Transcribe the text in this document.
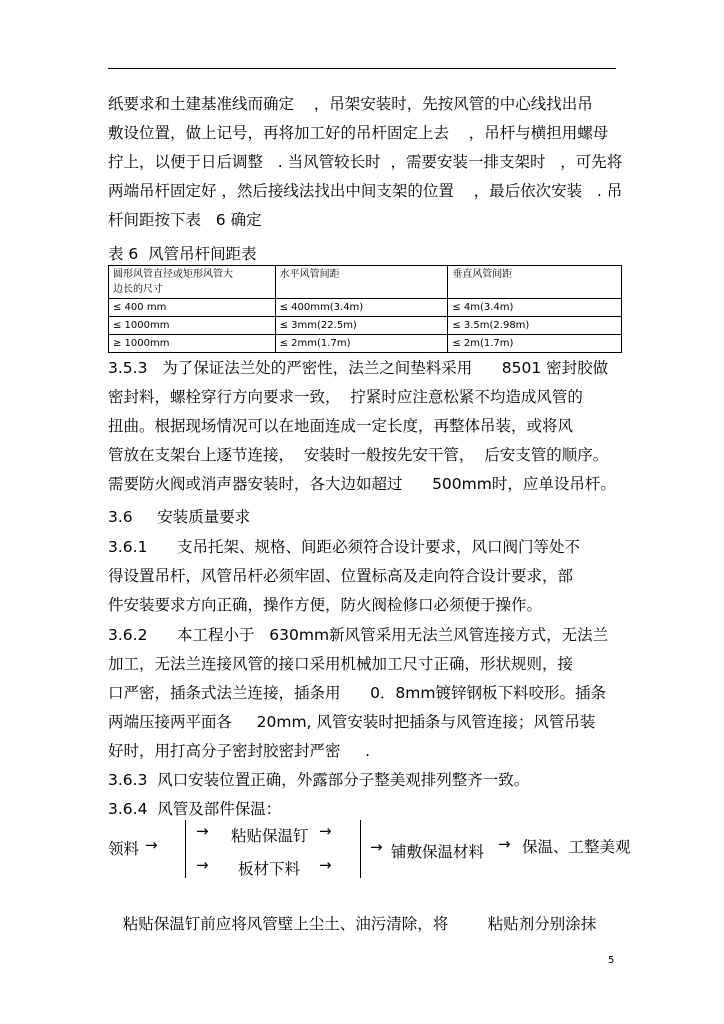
纸要求和土建基准线而确定    ，吊架安装时，先按风管的中心线找出吊

敷设位置，做上记号，再将加工好的吊杆固定上去    ，吊杆与横担用螺母

拧上，以便于日后调整   . 当风管较长时  ，需要安装一排支架时   ，可先将

两端吊杆固定好 ，然后接线法找出中间支架的位置    ，最后依次安装   . 吊

杆间距按下表   6 确定

表 6  风管吊杆间距表
圆形风管直径或矩形风管大
边长的尺寸	水平风管间距	垂直风管间距
≤ 400 mm	≤ 400mm(3.4m)	≤ 4m(3.4m)
≤ 1000mm	≤ 3mm(22.5m)	≤ 3.5m(2.98m)
≥ 1000mm	≤ 2mm(1.7m)	≤ 2m(1.7m)

3.5.3   为了保证法兰处的严密性，法兰之间垫料采用      8501 密封胶做

密封料，螺栓穿行方向要求一致，  拧紧时应注意松紧不均造成风管的

扭曲。根据现场情况可以在地面连成一定长度，再整体吊装，或将风

管放在支架台上逐节连接，  安装时一般按先安干管，  后安支管的顺序。

需要防火阀或消声器安装时，各大边如超过      500mm时，应单设吊杆。

3.6     安装质量要求

3.6.1      支吊托架、规格、间距必须符合设计要求，风口阀门等处不

得设置吊杆，风管吊杆必须牢固、位置标高及走向符合设计要求，部

件安装要求方向正确，操作方便，防火阀检修口必须便于操作。

3.6.2      本工程小于   630mm新风管采用无法兰风管连接方式，无法兰

加工，无法兰连接风管的接口采用机械加工尺寸正确，形状规则，接

口严密，插条式法兰连接，插条用      0．8mm镀锌钢板下料咬形。插条

两端压接两平面各     20mm, 风管安装时把插条与风管连接；风管吊装

好时，用打高分子密封胶密封严密     .

3.6.3  风口安装位置正确，外露部分子整美观排列整齐一致。

3.6.4  风管及部件保温：

领料 →
→ 粘贴保温钉 →
→ 板材下料 →
→ 铺敷保温材料 → 保温、工整美观

粘贴保温钉前应将风管壁上尘土、油污清除，将        粘贴剂分别涂抹

5
